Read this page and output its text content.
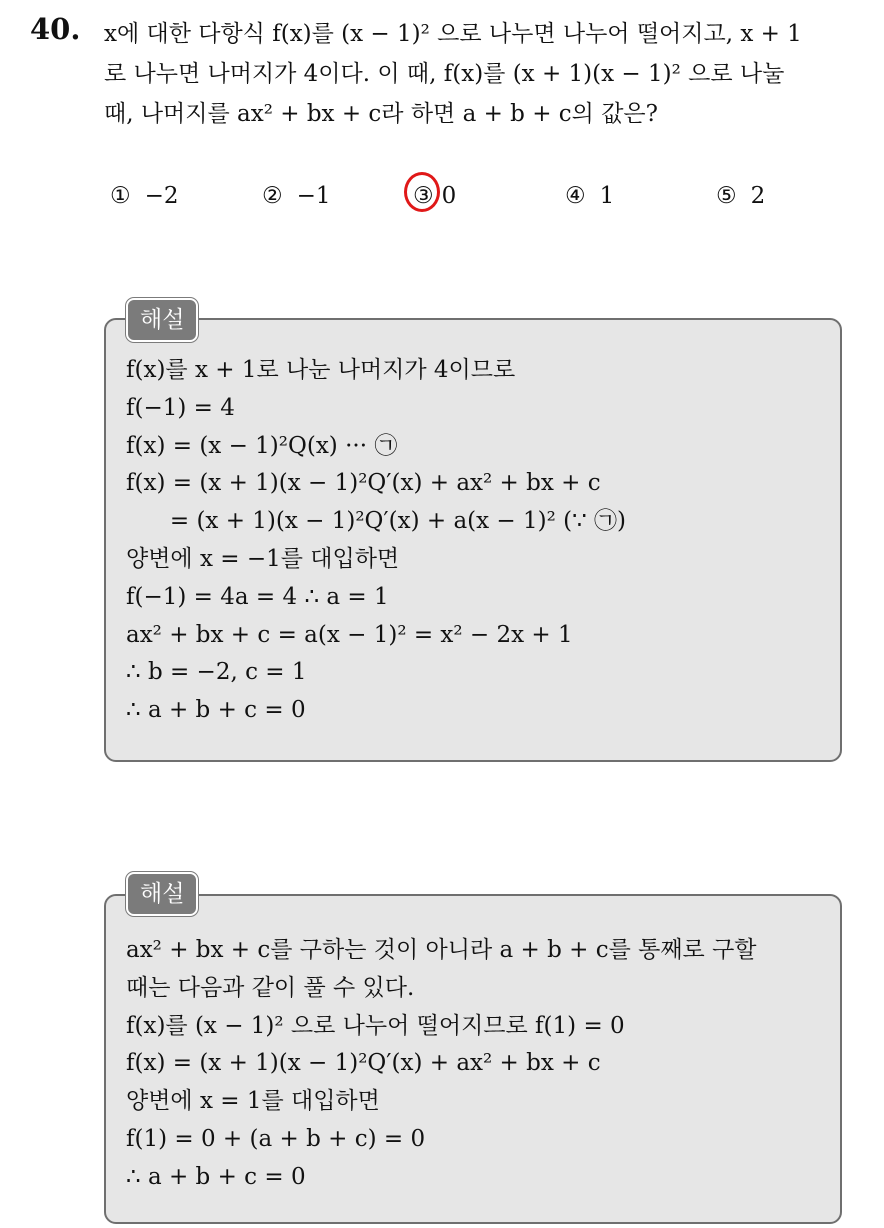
40. x에 대한 다항식 f(x)를 (x − 1)² 으로 나누면 나누어 떨어지고, x + 1
로 나누면 나머지가 4이다. 이 때, f(x)를 (x + 1)(x − 1)² 으로 나눌
때, 나머지를 ax² + bx + c라 하면 a + b + c의 값은?
① −2	② −1	③ 0	④ 1	⑤ 2
f(x)를 x + 1로 나눈 나머지가 4이므로
f(−1) = 4
f(x) = (x − 1)²Q(x) ··· ㉠
f(x) = (x + 1)(x − 1)²Q′(x) + ax² + bx + c
= (x + 1)(x − 1)²Q′(x) + a(x − 1)² (∵ ㉠)
양변에 x = −1를 대입하면
f(−1) = 4a = 4 ∴ a = 1
ax² + bx + c = a(x − 1)² = x² − 2x + 1
∴ b = −2, c = 1
∴ a + b + c = 0
해설
ax² + bx + c를 구하는 것이 아니라 a + b + c를 통째로 구할
때는 다음과 같이 풀 수 있다.
f(x)를 (x − 1)² 으로 나누어 떨어지므로 f(1) = 0
f(x) = (x + 1)(x − 1)²Q′(x) + ax² + bx + c
양변에 x = 1를 대입하면
f(1) = 0 + (a + b + c) = 0
∴ a + b + c = 0
해설
